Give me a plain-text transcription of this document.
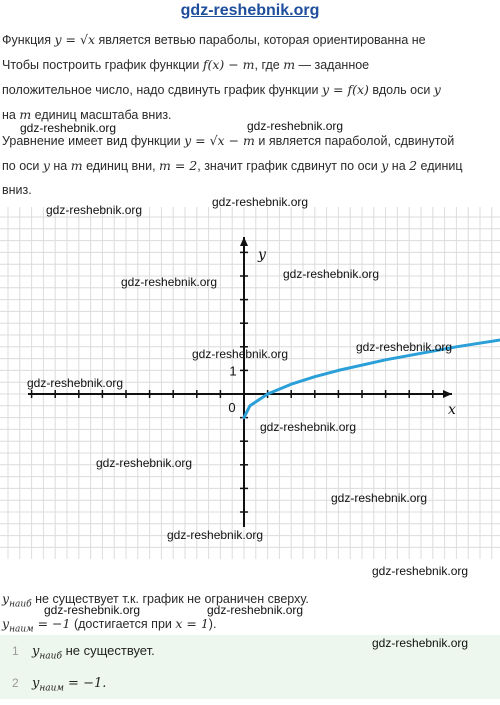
gdz-reshebnik.org
Функция y = √x является ветвью параболы, которая ориентированна не
Чтобы построить график функции f(x) − m, где m — заданное
положительное число, надо сдвинуть график функции y = f(x) вдоль оси y
на m единиц масштаба вниз.
Уравнение имеет вид функции y = √x − m и является параболой, сдвинутой
по оси y на m единиц вни, m = 2, значит график сдвинут по оси y на 2 единиц
вниз.
x
y
0
1
$y_{наиб}$ не существует т.к. график не ограничен сверху.
$y_{наим} = -1$ (достигается при x = 1).
1 $y_{наиб}$ не существует.
2 $y_{наим} = -1$.
gdz-reshebnik.org	gdz-reshebnik.org
gdz-reshebnik.org
gdz-reshebnik.org
gdz-reshebnik.org
gdz-reshebnik.org
gdz-reshebnik.org
gdz-reshebnik.org
gdz-reshebnik.org
gdz-reshebnik.org
gdz-reshebnik.org
gdz-reshebnik.org
gdz-reshebnik.org
gdz-reshebnik.org
gdz-reshebnik.org	gdz-reshebnik.org
gdz-reshebnik.org
